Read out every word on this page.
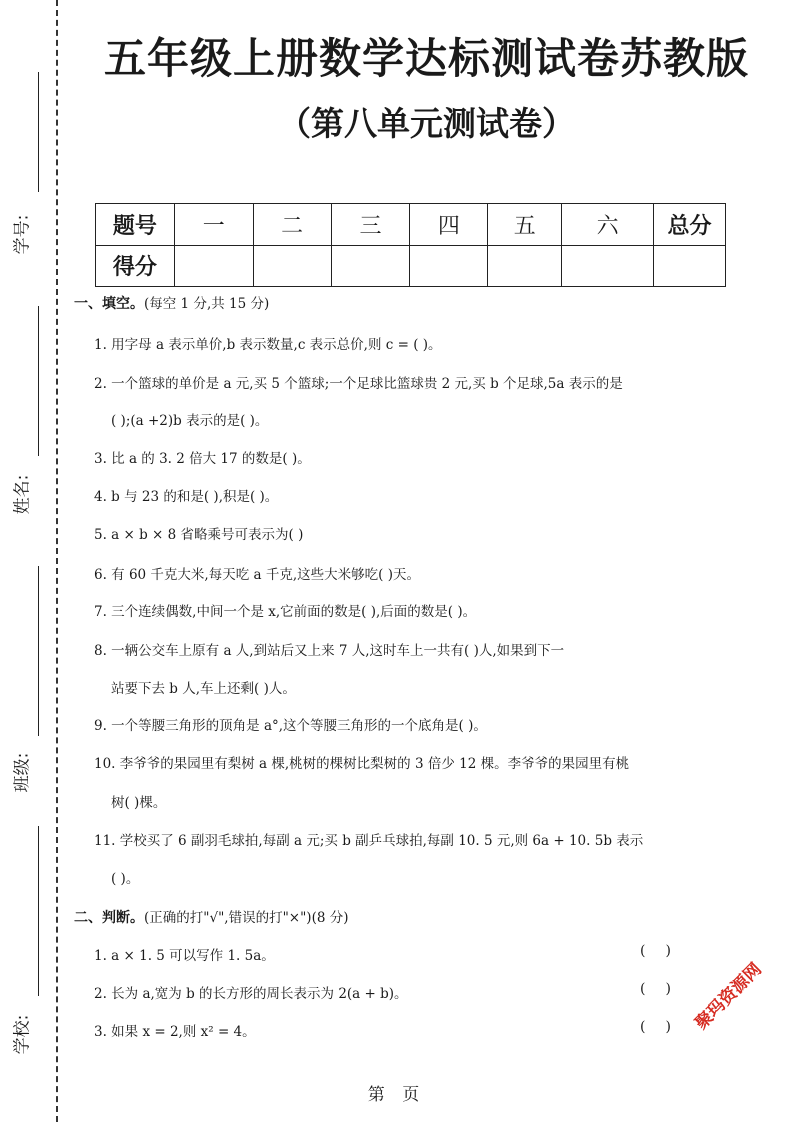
学号:
姓名:
班级:
学校:
五年级上册数学达标测试卷苏教版
（第八单元测试卷）
题号	一	二	三	四	五	六	总分
得分							
一、填空。(每空 1 分,共 15 分)
1. 用字母 a 表示单价,b 表示数量,c 表示总价,则 c = ( )。
2. 一个篮球的单价是 a 元,买 5 个篮球;一个足球比篮球贵 2 元,买 b 个足球,5a 表示的是
( );(a +2)b 表示的是( )。
3. 比 a 的 3. 2 倍大 17 的数是( )。
4. b 与 23 的和是( ),积是( )。
5. a × b × 8 省略乘号可表示为( )
6. 有 60 千克大米,每天吃 a 千克,这些大米够吃( )天。
7. 三个连续偶数,中间一个是 x,它前面的数是( ),后面的数是( )。
8. 一辆公交车上原有 a 人,到站后又上来 7 人,这时车上一共有( )人,如果到下一
站要下去 b 人,车上还剩( )人。
9. 一个等腰三角形的顶角是 a°,这个等腰三角形的一个底角是( )。
10. 李爷爷的果园里有梨树 a 棵,桃树的棵树比梨树的 3 倍少 12 棵。李爷爷的果园里有桃
树( )棵。
11. 学校买了 6 副羽毛球拍,每副 a 元;买 b 副乒乓球拍,每副 10. 5 元,则 6a + 10. 5b 表示
( )。
二、判断。(正确的打"√",错误的打"×")(8 分)
1. a × 1. 5 可以写作 1. 5a。	()
2. 长为 a,宽为 b 的长方形的周长表示为 2(a + b)。	()
3. 如果 x = 2,则 x² = 4。	()
第 页
聚玛资源网
